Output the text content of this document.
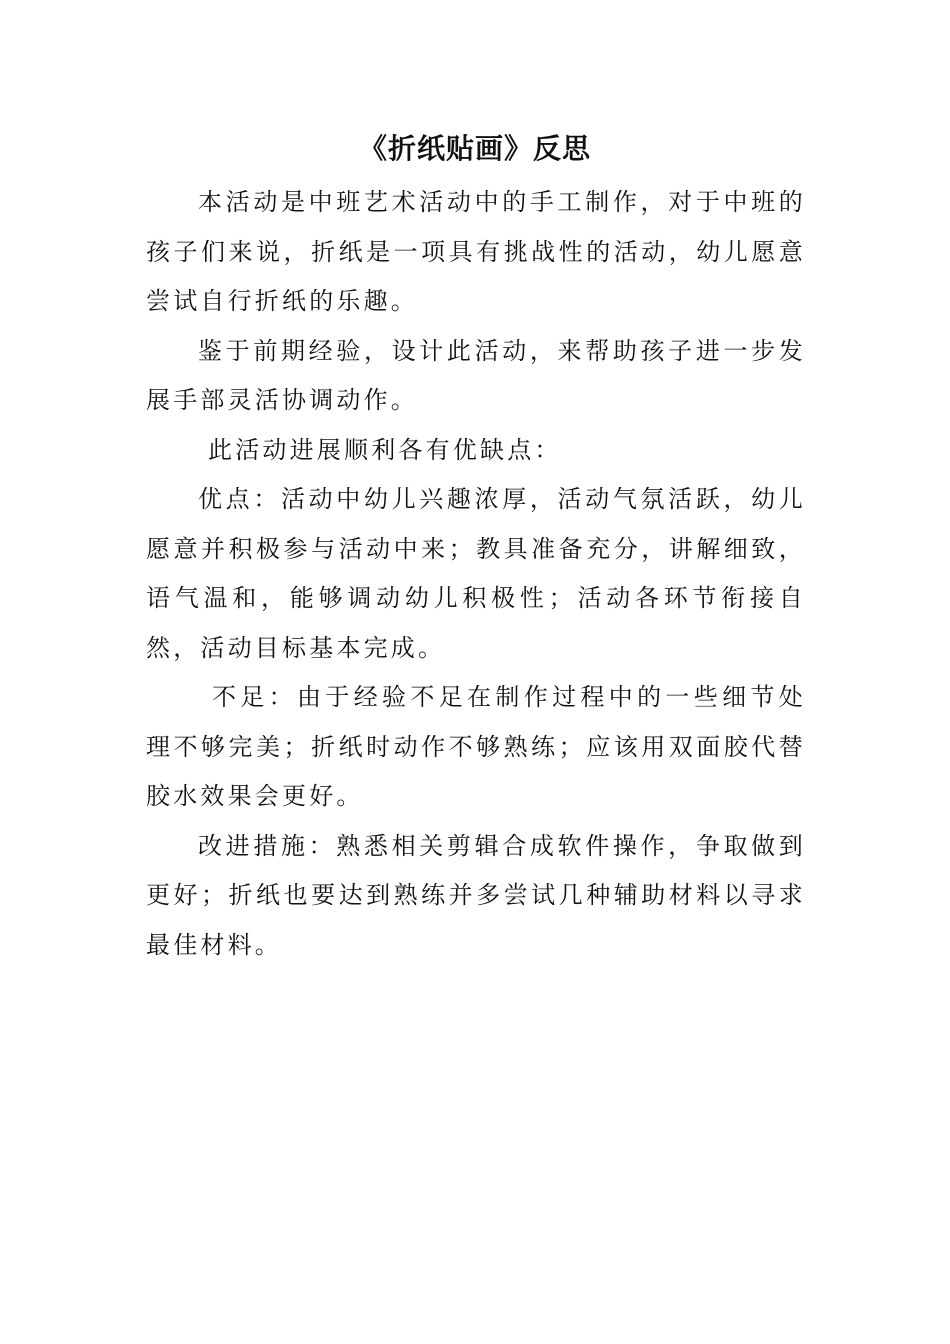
《折纸贴画》反思

本活动是中班艺术活动中的手工制作，对于中班的孩子们来说，折纸是一项具有挑战性的活动，幼儿愿意尝试自行折纸的乐趣。

鉴于前期经验，设计此活动，来帮助孩子进一步发展手部灵活协调动作。

此活动进展顺利各有优缺点：

优点：活动中幼儿兴趣浓厚，活动气氛活跃，幼儿愿意并积极参与活动中来；教具准备充分，讲解细致，语气温和，能够调动幼儿积极性；活动各环节衔接自然，活动目标基本完成。

不足：由于经验不足在制作过程中的一些细节处理不够完美；折纸时动作不够熟练；应该用双面胶代替胶水效果会更好。

改进措施：熟悉相关剪辑合成软件操作，争取做到更好；折纸也要达到熟练并多尝试几种辅助材料以寻求最佳材料。
